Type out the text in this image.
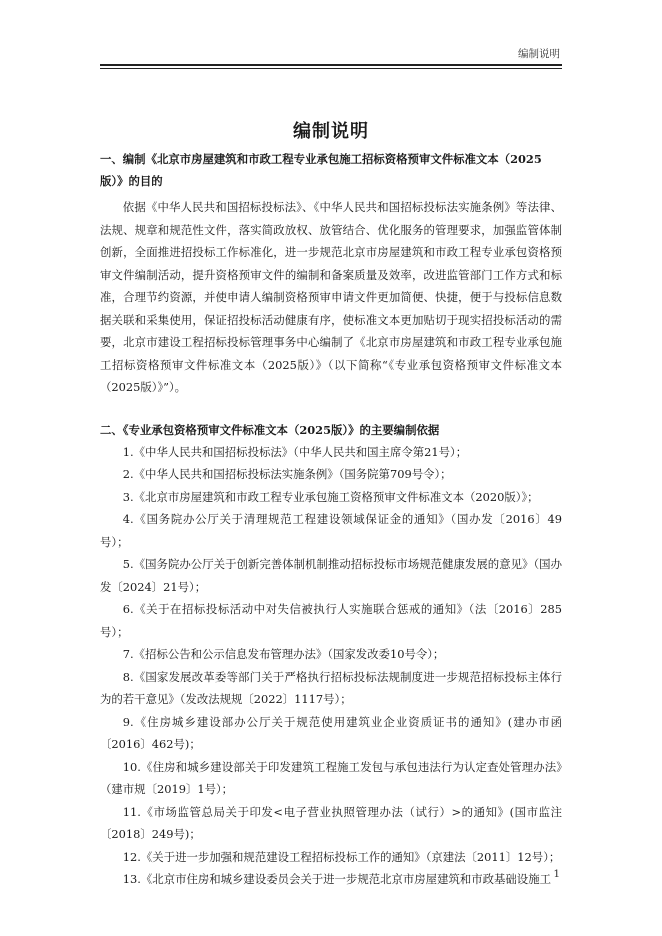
编制说明
编制说明

一、编制《北京市房屋建筑和市政工程专业承包施工招标资格预审文件标准文本（2025版）》的目的

依据《中华人民共和国招标投标法》、《中华人民共和国招标投标法实施条例》等法律、法规、规章和规范性文件，落实简政放权、放管结合、优化服务的管理要求，加强监管体制创新，全面推进招投标工作标准化，进一步规范北京市房屋建筑和市政工程专业承包资格预审文件编制活动，提升资格预审文件的编制和备案质量及效率，改进监管部门工作方式和标准，合理节约资源，并使申请人编制资格预审申请文件更加简便、快捷，便于与投标信息数据关联和采集使用，保证招投标活动健康有序，使标准文本更加贴切于现实招投标活动的需要，北京市建设工程招标投标管理事务中心编制了《北京市房屋建筑和市政工程专业承包施工招标资格预审文件标准文本（2025版）》（以下简称“《专业承包资格预审文件标准文本（2025版）》”）。

二、《专业承包资格预审文件标准文本（2025版）》的主要编制依据

1.《中华人民共和国招标投标法》（中华人民共和国主席令第21号）；
2.《中华人民共和国招标投标法实施条例》（国务院第709号令）；
3.《北京市房屋建筑和市政工程专业承包施工资格预审文件标准文本（2020版）》；
4.《国务院办公厅关于清理规范工程建设领域保证金的通知》（国办发〔2016〕49号）；
5.《国务院办公厅关于创新完善体制机制推动招标投标市场规范健康发展的意见》（国办发〔2024〕21号）；
6.《关于在招标投标活动中对失信被执行人实施联合惩戒的通知》（法〔2016〕285号）；
7.《招标公告和公示信息发布管理办法》（国家发改委10号令）；
8.《国家发展改革委等部门关于严格执行招标投标法规制度进一步规范招标投标主体行为的若干意见》（发改法规规〔2022〕1117号）；
9.《住房城乡建设部办公厅关于规范使用建筑业企业资质证书的通知》(建办市函〔2016〕462号)；
10.《住房和城乡建设部关于印发建筑工程施工发包与承包违法行为认定查处管理办法》（建市规〔2019〕1号）；
11.《市场监管总局关于印发<电子营业执照管理办法（试行）>的通知》(国市监注〔2018〕249号)；
12.《关于进一步加强和规范建设工程招标投标工作的通知》（京建法〔2011〕12号）；
13.《北京市住房和城乡建设委员会关于进一步规范北京市房屋建筑和市政基础设施工 1
